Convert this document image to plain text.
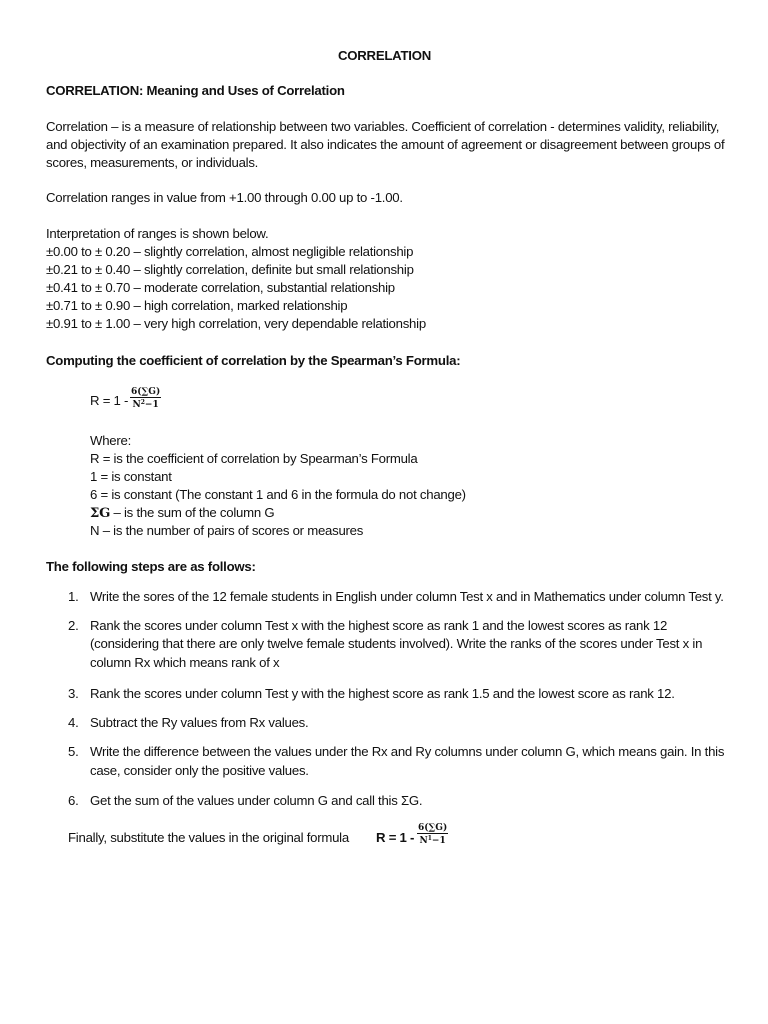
CORRELATION
CORRELATION: Meaning and Uses of Correlation
Correlation – is a measure of relationship between two variables. Coefficient of correlation - determines validity, reliability,
and objectivity of an examination prepared. It also indicates the amount of agreement or disagreement between groups of
scores, measurements, or individuals.
Correlation ranges in value from +1.00 through 0.00 up to -1.00.
Interpretation of ranges is shown below.
±0.00 to ± 0.20 – slightly correlation, almost negligible relationship
±0.21 to ± 0.40 – slightly correlation, definite but small relationship
±0.41 to ± 0.70 – moderate correlation, substantial relationship
±0.71 to ± 0.90 – high correlation, marked relationship
±0.91 to ± 1.00 – very high correlation, very dependable relationship
Computing the coefficient of correlation by the Spearman’s Formula:
$R = 1 - \frac{6(\sum G)}{N^2-1}$
Where:
R = is the coefficient of correlation by Spearman’s Formula
1 = is constant
6 = is constant (The constant 1 and 6 in the formula do not change)
ΣG – is the sum of the column G
N – is the number of pairs of scores or measures
The following steps are as follows:
1. Write the sores of the 12 female students in English under column Test x and in Mathematics under column Test y.
2. Rank the scores under column Test x with the highest score as rank 1 and the lowest scores as rank 12
(considering that there are only twelve female students involved). Write the ranks of the scores under Test x in
column Rx which means rank of x
3. Rank the scores under column Test y with the highest score as rank 1.5 and the lowest score as rank 12.
4. Subtract the Ry values from Rx values.
5. Write the difference between the values under the Rx and Ry columns under column G, which means gain. In this
case, consider only the positive values.
6. Get the sum of the values under column G and call this ΣG.
Finally, substitute the values in the original formula $R = 1 - \frac{6(\sum G)}{N^1-1}$
